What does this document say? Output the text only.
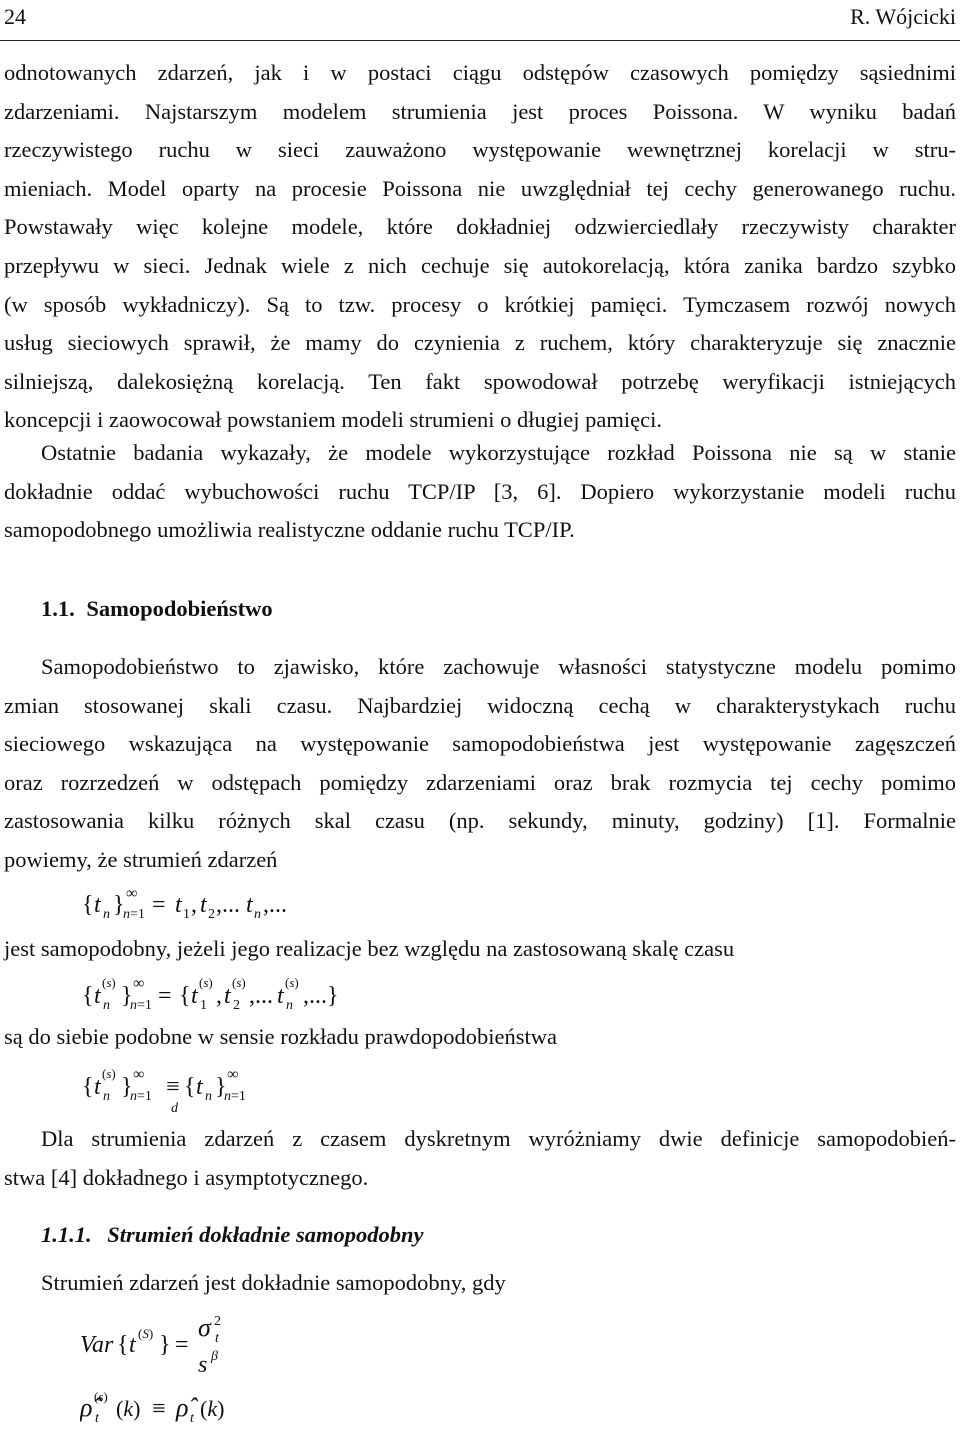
24	R. Wójcicki
odnotowanych zdarzeń, jak i w postaci ciągu odstępów czasowych pomiędzy sąsiednimi
zdarzeniami. Najstarszym modelem strumienia jest proces Poissona. W wyniku badań
rzeczywistego ruchu w sieci zauważono występowanie wewnętrznej korelacji w stru-
mieniach. Model oparty na procesie Poissona nie uwzględniał tej cechy generowanego ruchu.
Powstawały więc kolejne modele, które dokładniej odzwierciedlały rzeczywisty charakter
przepływu w sieci. Jednak wiele z nich cechuje się autokorelacją, która zanika bardzo szybko
(w sposób wykładniczy). Są to tzw. procesy o krótkiej pamięci. Tymczasem rozwój nowych
usług sieciowych sprawił, że mamy do czynienia z ruchem, który charakteryzuje się znacznie
silniejszą, dalekosiężną korelacją. Ten fakt spowodował potrzebę weryfikacji istniejących
koncepcji i zaowocował powstaniem modeli strumieni o długiej pamięci.
Ostatnie badania wykazały, że modele wykorzystujące rozkład Poissona nie są w stanie
dokładnie oddać wybuchowości ruchu TCP/IP [3, 6]. Dopiero wykorzystanie modeli ruchu
samopodobnego umożliwia realistyczne oddanie ruchu TCP/IP.
1.1. Samopodobieństwo
Samopodobieństwo to zjawisko, które zachowuje własności statystyczne modelu pomimo
zmian stosowanej skali czasu. Najbardziej widoczną cechą w charakterystykach ruchu
sieciowego wskazująca na występowanie samopodobieństwa jest występowanie zagęszczeń
oraz rozrzedzeń w odstępach pomiędzy zdarzeniami oraz brak rozmycia tej cechy pomimo
zastosowania kilku różnych skal czasu (np. sekundy, minuty, godziny) [1]. Formalnie
powiemy, że strumień zdarzeń
{ t n } ∞
n=1 = t 1 , t 2 ,... t n ,...
jest samopodobny, jeżeli jego realizacje bez względu na zastosowaną skalę czasu
{ t
(s)
n } ∞
n=1 = { t
(s)
1 , t
(s)
2 ,... t
(s)
n ,...}
są do siebie podobne w sensie rozkładu prawdopodobieństwa
{ t
(s)
n } ∞
n=1 ≡
d
{ t n } ∞
n=1
Dla strumienia zdarzeń z czasem dyskretnym wyróżniamy dwie definicje samopodobień-
stwa [4] dokładnego i asymptotycznego.
1.1.1. Strumień dokładnie samopodobny
Strumień zdarzeń jest dokładnie samopodobny, gdy
Var { t (S) } =
σ 2
t
s β
ρ̂ (s)
t (k) ≡ ρ̂ t (k)
